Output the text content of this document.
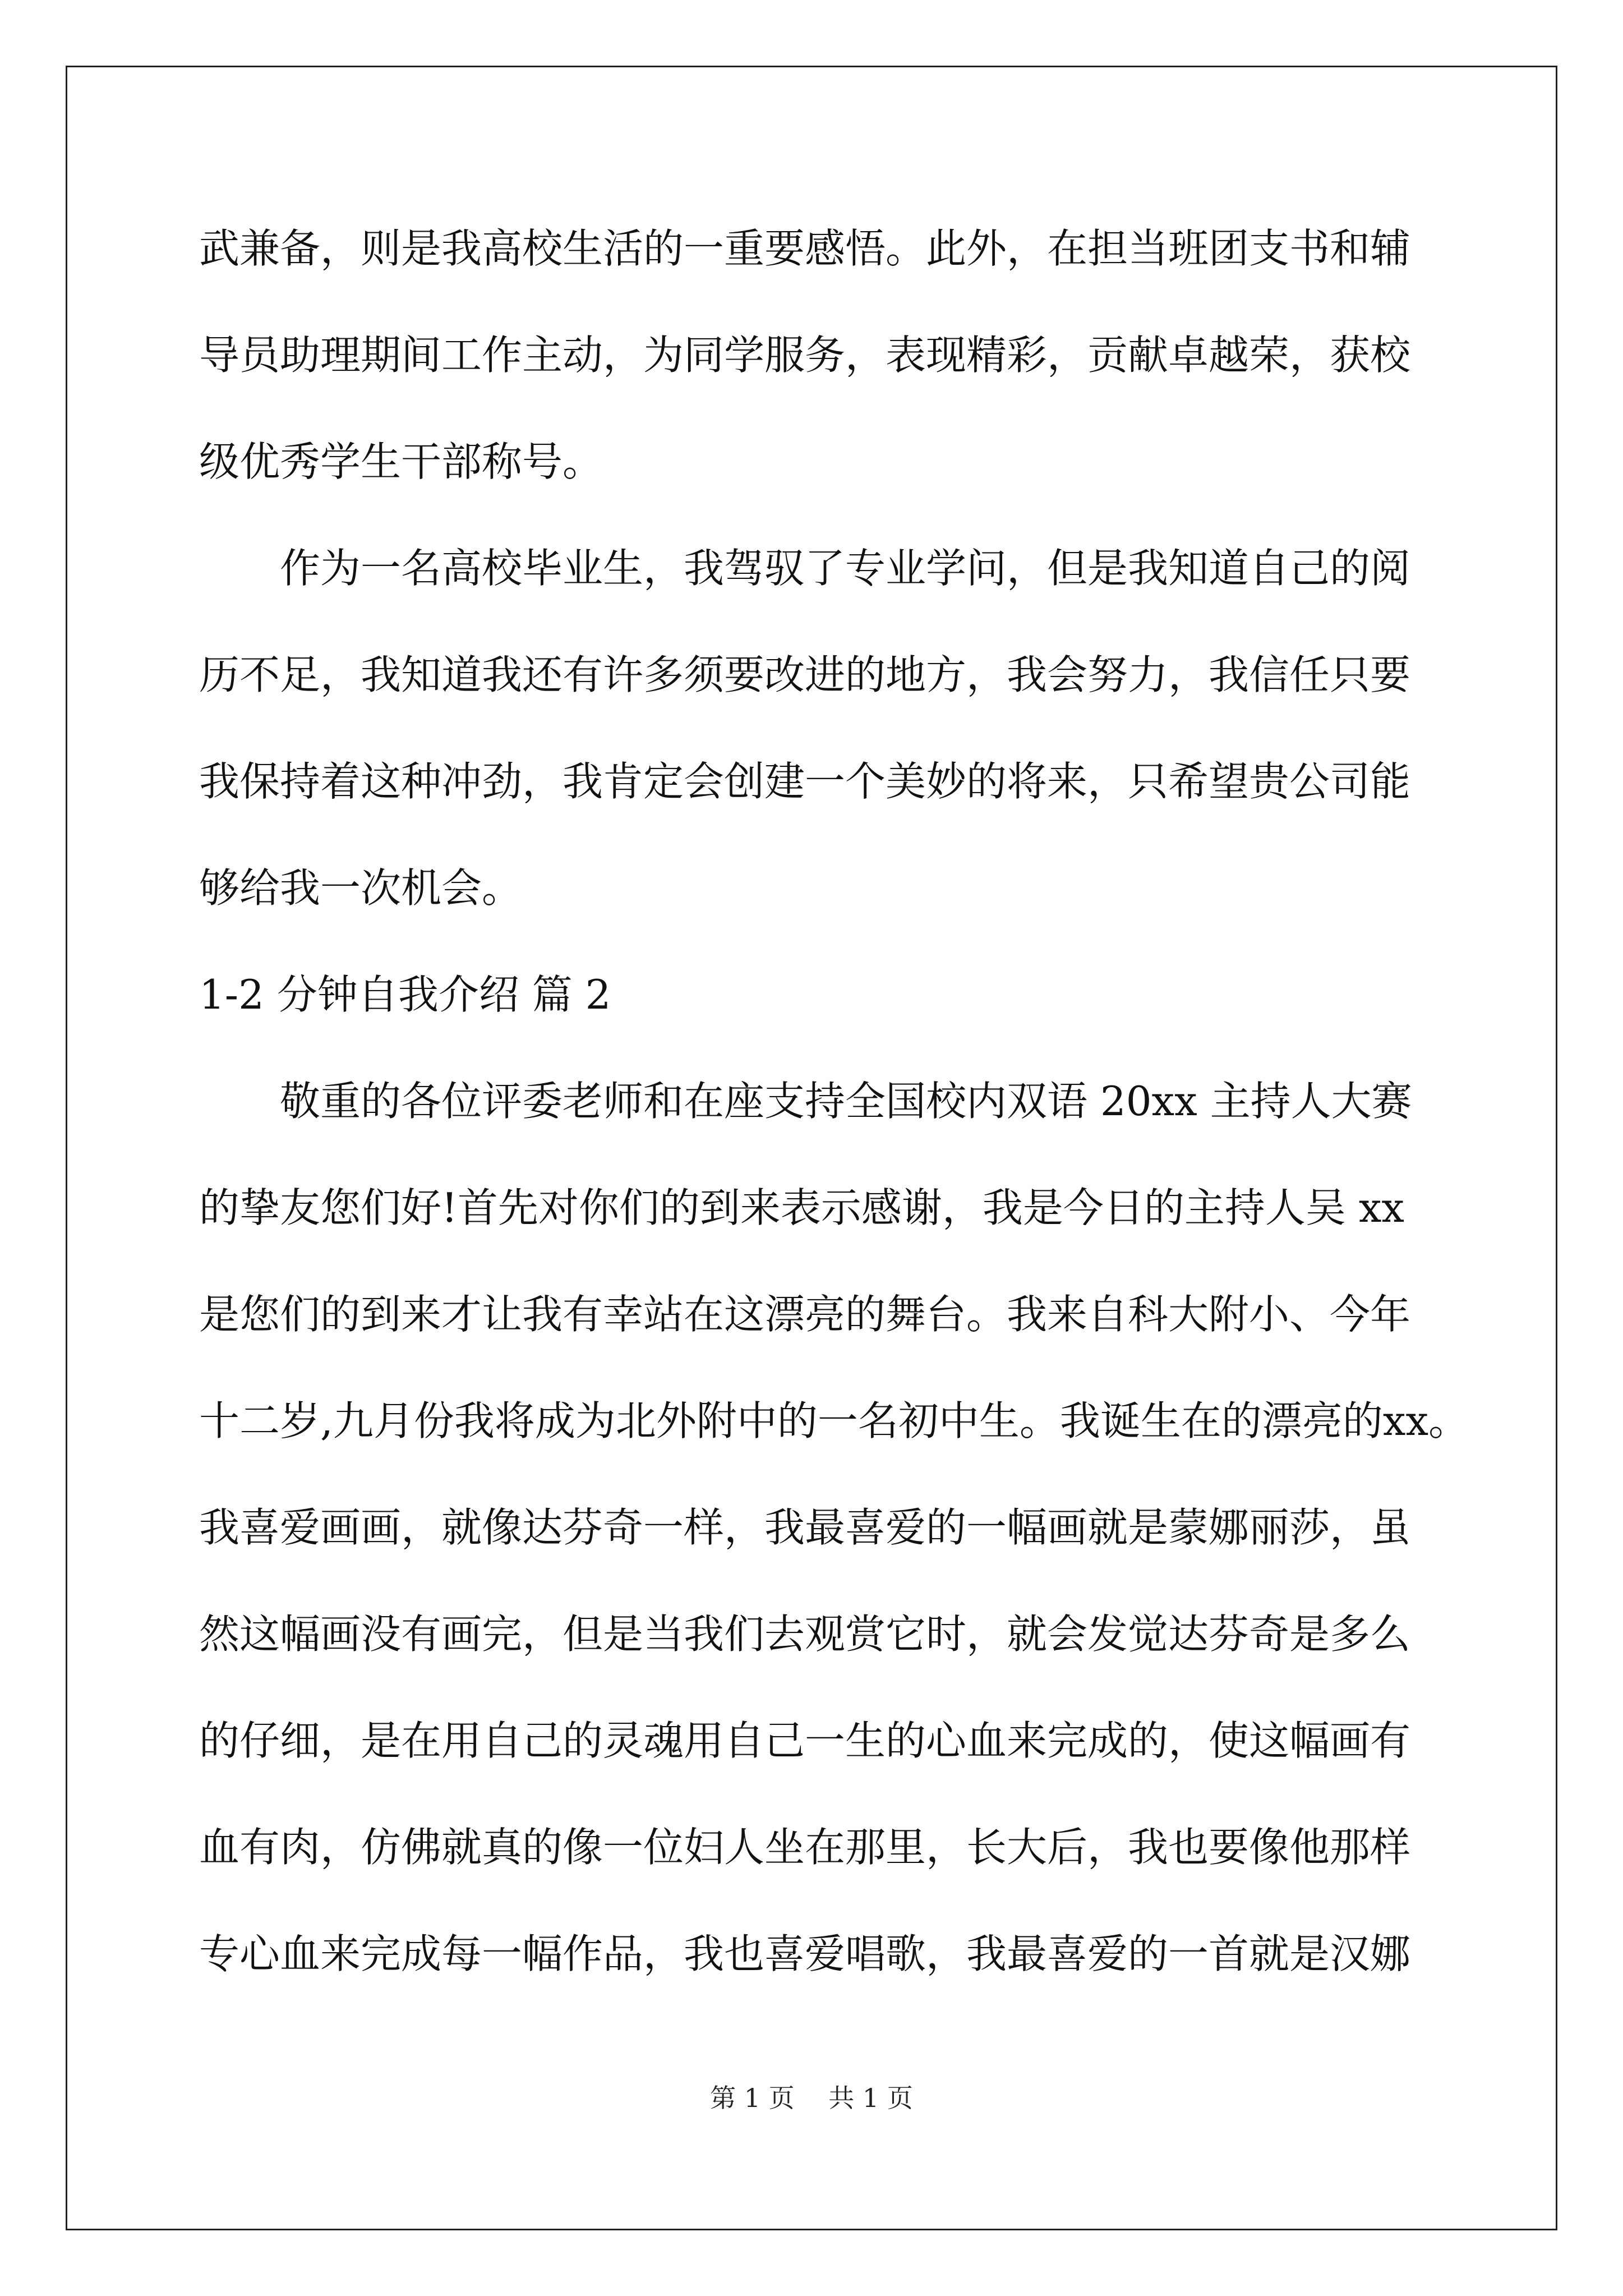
武兼备，则是我高校生活的一重要感悟。此外，在担当班团支书和辅
导员助理期间工作主动，为同学服务，表现精彩，贡献卓越荣，获校
级优秀学生干部称号。
作为一名高校毕业生，我驾驭了专业学问，但是我知道自己的阅
历不足，我知道我还有许多须要改进的地方，我会努力，我信任只要
我保持着这种冲劲，我肯定会创建一个美妙的将来，只希望贵公司能
够给我一次机会。
1-2 分钟自我介绍 篇 2
敬重的各位评委老师和在座支持全国校内双语 20xx 主持人大赛
的挚友您们好!首先对你们的到来表示感谢，我是今日的主持人吴 xx
是您们的到来才让我有幸站在这漂亮的舞台。我来自科大附小、今年
十二岁,九月份我将成为北外附中的一名初中生。我诞生在的漂亮的xx。
我喜爱画画，就像达芬奇一样，我最喜爱的一幅画就是蒙娜丽莎，虽
然这幅画没有画完，但是当我们去观赏它时，就会发觉达芬奇是多么
的仔细，是在用自己的灵魂用自己一生的心血来完成的，使这幅画有
血有肉，仿佛就真的像一位妇人坐在那里，长大后，我也要像他那样
专心血来完成每一幅作品，我也喜爱唱歌，我最喜爱的一首就是汉娜
第 1 页　 共 1 页
